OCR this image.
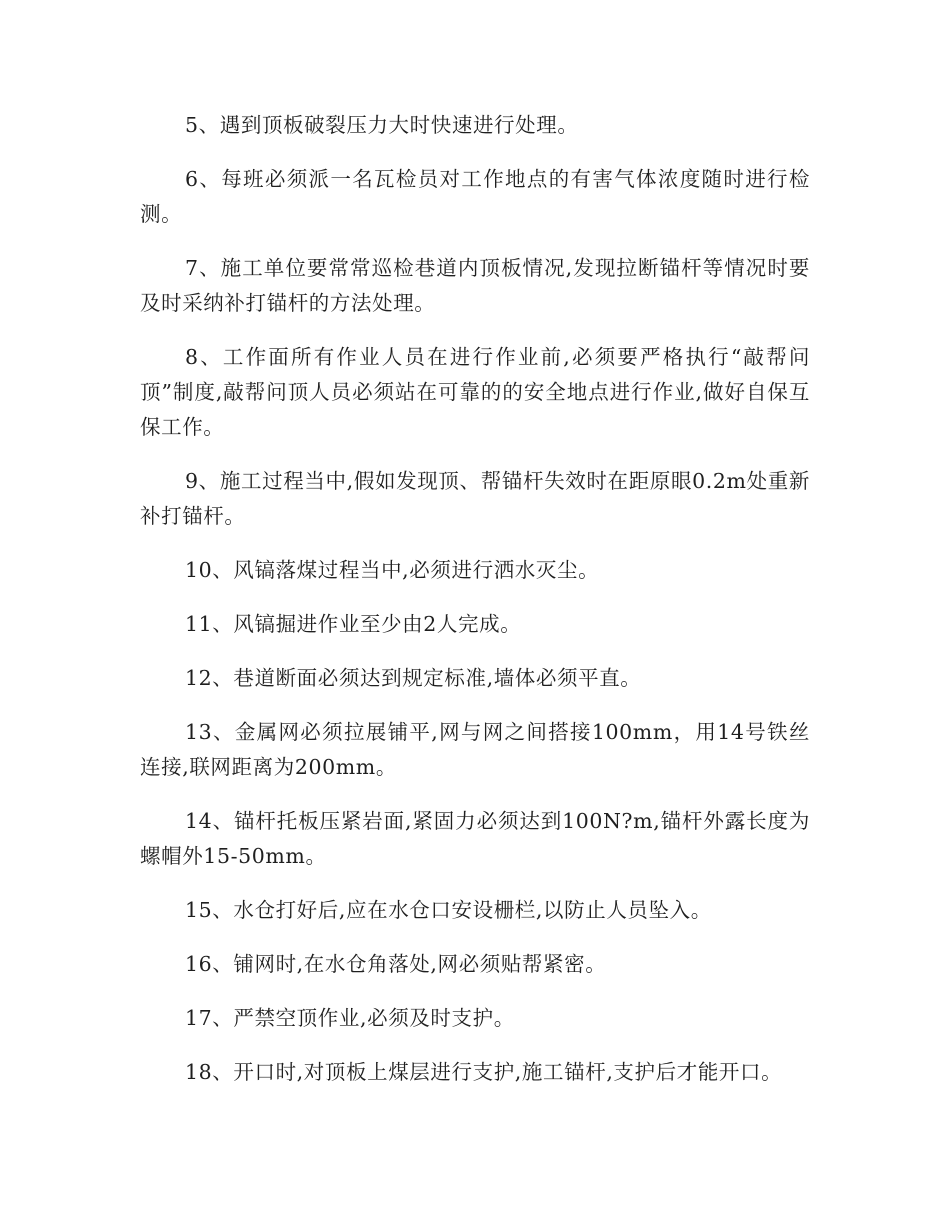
5、遇到顶板破裂压力大时快速进行处理。

6、每班必须派一名瓦检员对工作地点的有害气体浓度随时进行检测。

7、施工单位要常常巡检巷道内顶板情况,发现拉断锚杆等情况时要及时采纳补打锚杆的方法处理。

8、工作面所有作业人员在进行作业前,必须要严格执行“敲帮问顶”制度,敲帮问顶人员必须站在可靠的的安全地点进行作业,做好自保互保工作。

9、施工过程当中,假如发现顶、帮锚杆失效时在距原眼0.2m处重新补打锚杆。

10、风镐落煤过程当中,必须进行洒水灭尘。

11、风镐掘进作业至少由2人完成。

12、巷道断面必须达到规定标准,墙体必须平直。

13、金属网必须拉展铺平,网与网之间搭接100mm，用14号铁丝连接,联网距离为200mm。

14、锚杆托板压紧岩面,紧固力必须达到100N?m,锚杆外露长度为螺帽外15-50mm。

15、水仓打好后,应在水仓口安设栅栏,以防止人员坠入。

16、铺网时,在水仓角落处,网必须贴帮紧密。

17、严禁空顶作业,必须及时支护。

18、开口时,对顶板上煤层进行支护,施工锚杆,支护后才能开口。
